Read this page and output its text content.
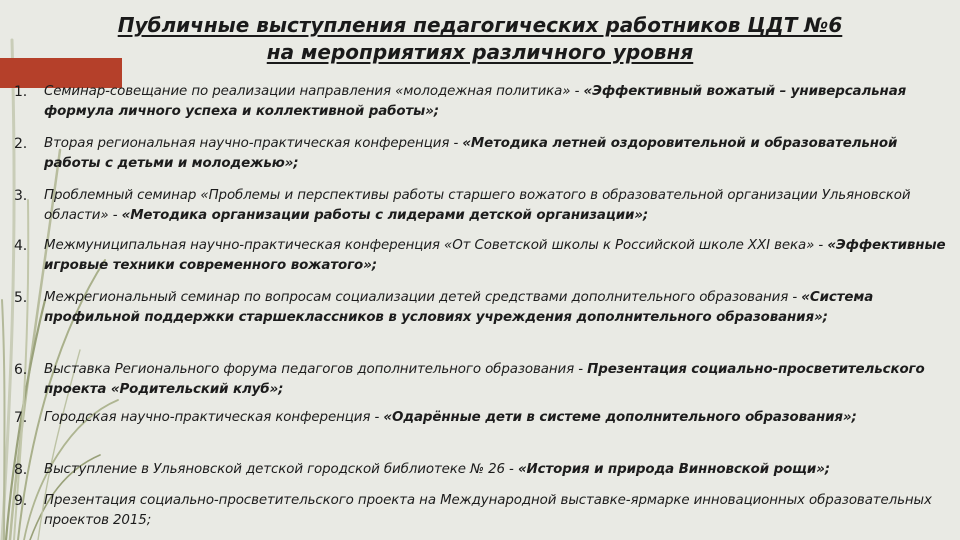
Публичные выступления педагогических работников ЦДТ №6
на мероприятиях различного уровня
1.	Семинар-совещание по реализации направления «молодежная политика» - «Эффективный вожатый – универсальная формула личного успеха и коллективной работы»;
2.	Вторая региональная научно-практическая конференция - «Методика летней оздоровительной и образовательной работы с детьми и молодежью»;
3.	Проблемный семинар «Проблемы и перспективы работы старшего вожатого в образовательной организации Ульяновской области» - «Методика организации работы с лидерами детской организации»;
4.	Межмуниципальная научно-практическая конференция «От Советской школы к Российской школе XXI века» - «Эффективные игровые техники современного вожатого»;
5.	Межрегиональный семинар по вопросам социализации детей средствами дополнительного образования - «Система профильной поддержки старшеклассников в условиях учреждения дополнительного образования»;
6.	Выставка Регионального форума педагогов дополнительного образования - Презентация социально-просветительского проекта «Родительский клуб»;
7.	Городская научно-практическая конференция - «Одарённые дети в системе дополнительного образования»;
8.	Выступление в Ульяновской детской городской библиотеке № 26 - «История и природа Винновской рощи»;
9.	Презентация социально-просветительского проекта на Международной выставке-ярмарке инновационных образовательных проектов 2015;
